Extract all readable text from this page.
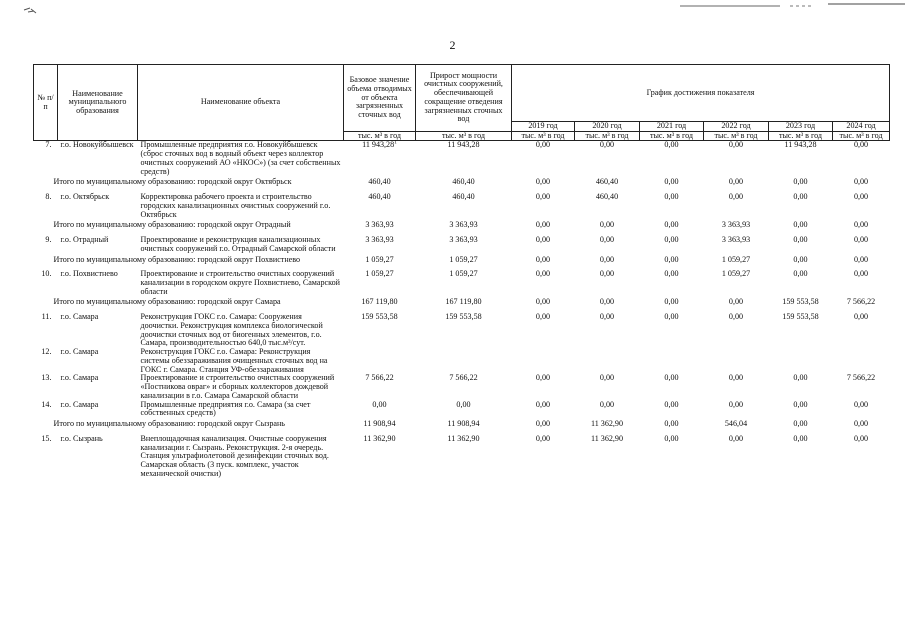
2
№ п/п	Наименование муниципального образования	Наименование объекта	Базовое значение объема отводимых от объекта загрязненных сточных вод	Прирост мощности очистных сооружений, обеспечивающей сокращение отведения загрязненных сточных вод	График достижения показателя					
					2019 год	2020 год	2021 год	2022 год	2023 год	2024 год
			тыс. м³ в год	тыс. м³ в год	тыс. м³ в год	тыс. м³ в год	тыс. м³ в год	тыс. м³ в год	тыс. м³ в год	тыс. м³ в год
7.	г.о. Новокуйбышевск	Промышленные предприятия г.о. Новокуйбышевск (сброс сточных вод в водный объект через коллектор очистных сооружений АО «НКОС») (за счет собственных средств)	11 943,28$^1$	11 943,28	0,00	0,00	0,00	0,00	11 943,28	0,00
Итого по муниципальному образованию: городской округ Октябрьск			460,40	460,40	0,00	460,40	0,00	0,00	0,00	0,00
8.	г.о. Октябрьск	Корректировка рабочего проекта и строительство городских канализационных очистных сооружений г.о. Октябрьск	460,40	460,40	0,00	460,40	0,00	0,00	0,00	0,00
Итого по муниципальному образованию: городской округ Отрадный			3 363,93	3 363,93	0,00	0,00	0,00	3 363,93	0,00	0,00
9.	г.о. Отрадный	Проектирование и реконструкция канализационных очистных сооружений г.о. Отрадный Самарской области	3 363,93	3 363,93	0,00	0,00	0,00	3 363,93	0,00	0,00
Итого по муниципальному образованию: городской округ Похвистнево			1 059,27	1 059,27	0,00	0,00	0,00	1 059,27	0,00	0,00
10.	г.о. Похвистнево	Проектирование и строительство очистных сооружений канализации в городском округе Похвистнево, Самарской области	1 059,27	1 059,27	0,00	0,00	0,00	1 059,27	0,00	0,00
Итого по муниципальному образованию: городской округ Самара			167 119,80	167 119,80	0,00	0,00	0,00	0,00	159 553,58	7 566,22
11.	г.о. Самара	Реконструкция ГОКС г.о. Самара: Сооружения доочистки. Реконструкция комплекса биологической доочистки сточных вод от биогенных элементов, г.о. Самара, производительностью 640,0 тыс.м³/сут.	159 553,58	159 553,58	0,00	0,00	0,00	0,00	159 553,58	0,00
12.	г.о. Самара	Реконструкция ГОКС г.о. Самара: Реконструкция системы обеззараживания очищенных сточных вод на ГОКС г. Самара. Станция УФ-обеззараживания								
13.	г.о. Самара	Проектирование и строительство очистных сооружений «Постникова овраг» и сборных коллекторов дождевой канализации в г.о. Самара Самарской области	7 566,22	7 566,22	0,00	0,00	0,00	0,00	0,00	7 566,22
14.	г.о. Самара	Промышленные предприятия г.о. Самара (за счет собственных средств)	0,00	0,00	0,00	0,00	0,00	0,00	0,00	0,00
Итого по муниципальному образованию: городской округ Сызрань			11 908,94	11 908,94	0,00	11 362,90	0,00	546,04	0,00	0,00
15.	г.о. Сызрань	Внеплощадочная канализация. Очистные сооружения канализации г. Сызрань. Реконструкция. 2-я очередь. Станция ультрафиолетовой дезинфекции сточных вод. Самарская область (3 пуск. комплекс, участок механической очистки)	11 362,90	11 362,90	0,00	11 362,90	0,00	0,00	0,00	0,00
